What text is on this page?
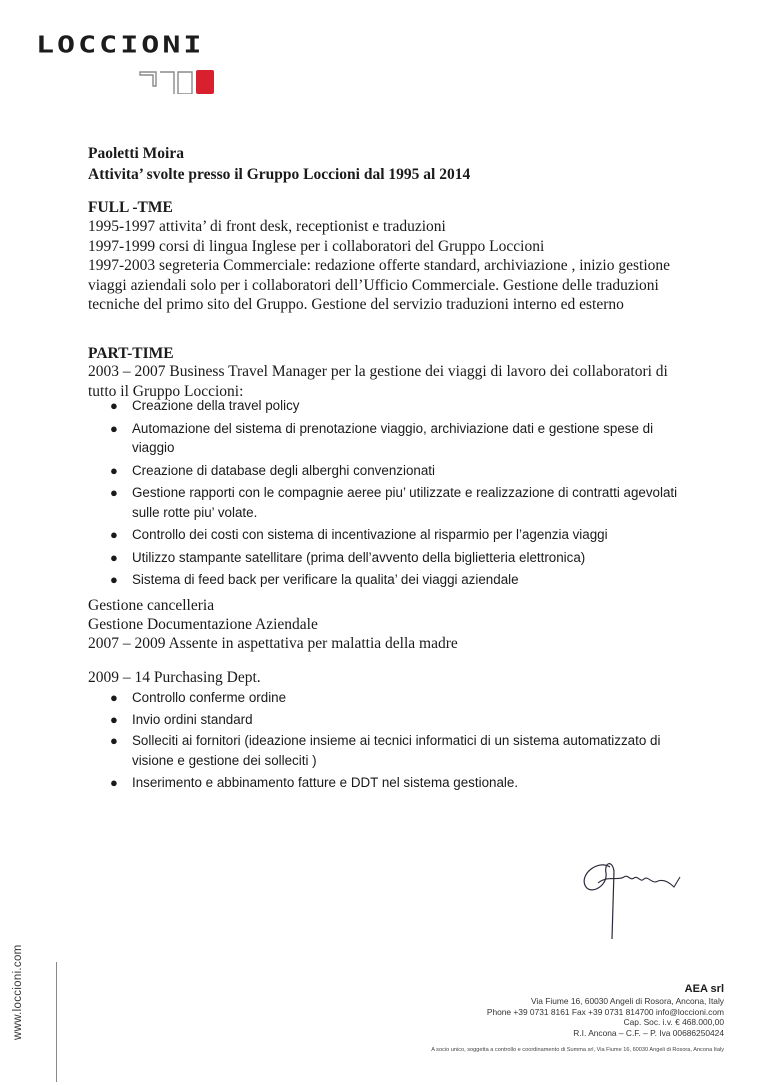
LOCCIONI
Paoletti Moira
Attivita’ svolte presso il Gruppo Loccioni dal 1995 al 2014
FULL -TME
1995-1997 attivita’ di front desk, receptionist e traduzioni
1997-1999 corsi di lingua Inglese per i collaboratori del Gruppo Loccioni
1997-2003 segreteria Commerciale: redazione offerte standard, archiviazione , inizio gestione
viaggi aziendali solo per i collaboratori dell’Ufficio Commerciale. Gestione delle traduzioni
tecniche del primo sito del Gruppo. Gestione del servizio traduzioni interno ed esterno
PART-TIME
2003 – 2007 Business Travel Manager per la gestione dei viaggi di lavoro dei collaboratori di
tutto il Gruppo Loccioni:
● Creazione della travel policy
● Automazione del sistema di prenotazione viaggio, archiviazione dati e gestione spese di
viaggio
● Creazione di database degli alberghi convenzionati
● Gestione rapporti con le compagnie aeree piu’ utilizzate e realizzazione di contratti agevolati
sulle rotte piu’ volate.
● Controllo dei costi con sistema di incentivazione al risparmio per l’agenzia viaggi
● Utilizzo stampante satellitare (prima dell’avvento della biglietteria elettronica)
● Sistema di feed back per verificare la qualita’ dei viaggi aziendale
Gestione cancelleria
Gestione Documentazione Aziendale
2007 – 2009 Assente in aspettativa per malattia della madre
2009 – 14 Purchasing Dept.
● Controllo conferme ordine
● Invio ordini standard
● Solleciti ai fornitori (ideazione insieme ai tecnici informatici di un sistema automatizzato di
visione e gestione dei solleciti )
● Inserimento e abbinamento fatture e DDT nel sistema gestionale.
www.loccioni.com	AEA srl
Via Fiume 16, 60030 Angeli di Rosora, Ancona, Italy
Phone +39 0731 8161 Fax +39 0731 814700 info@loccioni.com
Cap. Soc. i.v. € 468.000,00
R.I. Ancona – C.F. – P. Iva 00686250424
A socio unico, soggetta a controllo e coordinamento di Summa srl, Via Fiume 16, 60030 Angeli di Rosora, Ancona Italy
